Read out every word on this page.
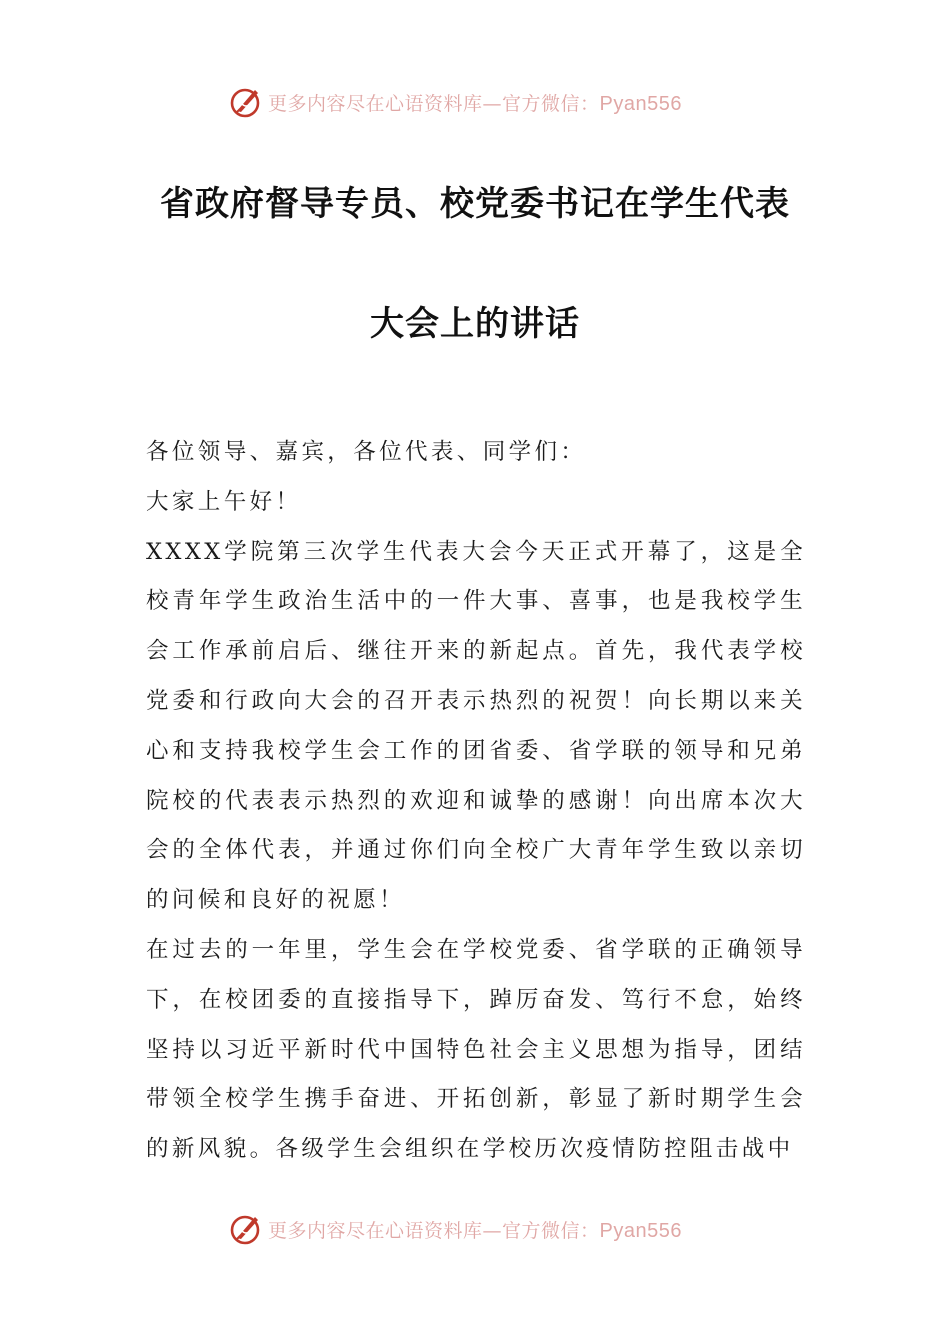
更多内容尽在心语资料库—官方微信：Pyan556
省政府督导专员、校党委书记在学生代表
大会上的讲话

各位领导、嘉宾，各位代表、同学们：

大家上午好！

XXXX学院第三次学生代表大会今天正式开幕了，这是全校青年学生政治生活中的一件大事、喜事，也是我校学生会工作承前启后、继往开来的新起点。首先，我代表学校党委和行政向大会的召开表示热烈的祝贺！向长期以来关心和支持我校学生会工作的团省委、省学联的领导和兄弟院校的代表表示热烈的欢迎和诚挚的感谢！向出席本次大会的全体代表，并通过你们向全校广大青年学生致以亲切的问候和良好的祝愿！

在过去的一年里，学生会在学校党委、省学联的正确领导下，在校团委的直接指导下，踔厉奋发、笃行不怠，始终坚持以习近平新时代中国特色社会主义思想为指导，团结带领全校学生携手奋进、开拓创新，彰显了新时期学生会的新风貌。各级学生会组织在学校历次疫情防控阻击战中

更多内容尽在心语资料库—官方微信：Pyan556
